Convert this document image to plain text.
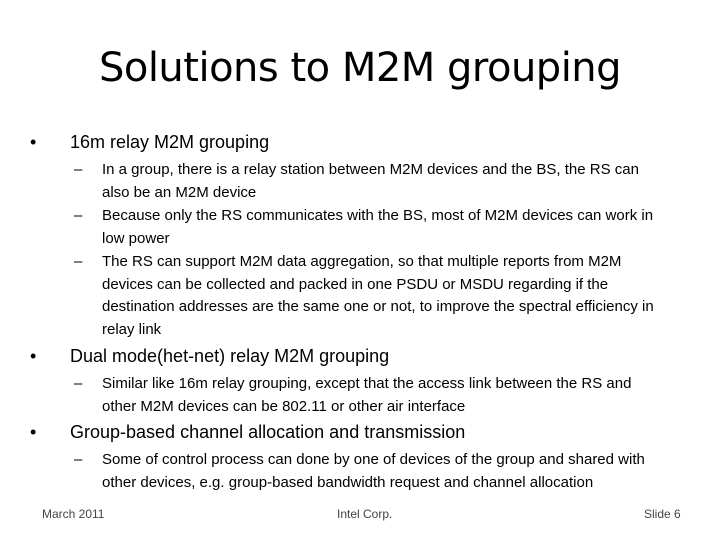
Solutions to M2M grouping
• 16m relay M2M grouping
– In a group, there is a relay station between M2M devices and the BS, the RS can also be an M2M device
– Because only the RS communicates with the BS, most of M2M devices can work in low power
– The RS can support M2M data aggregation, so that multiple reports from M2M devices can be collected and packed in one PSDU or MSDU regarding if the destination addresses are the same one or not, to improve the spectral efficiency in relay link
• Dual mode(het-net) relay M2M grouping
– Similar like 16m relay grouping, except that the access link between the RS and other M2M devices can be 802.11 or other air interface
• Group-based channel allocation and transmission
– Some of control process can done by one of devices of the group and shared with other devices, e.g. group-based bandwidth request and channel allocation
March 2011	Intel Corp.	Slide 6
